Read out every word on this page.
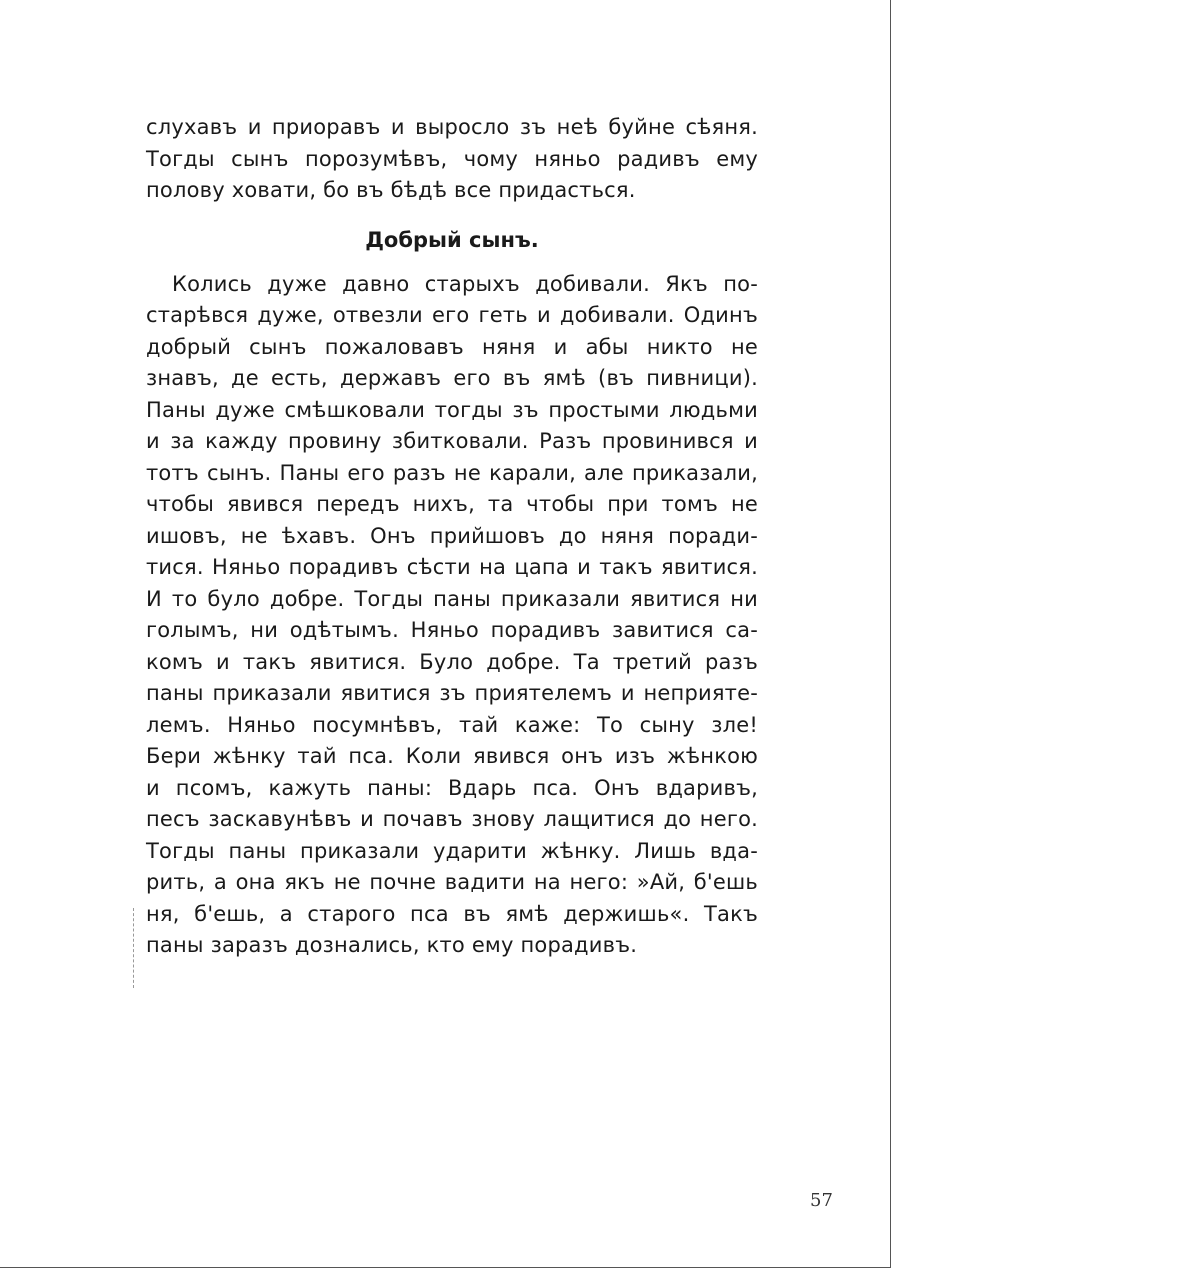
слухавъ и приоравъ и выросло зъ неѣ буйне сѣяня.
Тогды сынъ порозумѣвъ, чому няньо радивъ ему
полову ховати, бо въ бѣдѣ все придасться.
Добрый сынъ.
Колись дуже давно старыхъ добивали. Якъ по-
старѣвся дуже, отвезли его геть и добивали. Одинъ
добрый сынъ пожаловавъ няня и абы никто не
знавъ, де есть, державъ его въ ямѣ (въ пивници).
Паны дуже смѣшковали тогды зъ простыми людьми
и за кажду провину збитковали. Разъ провинився и
тотъ сынъ. Паны его разъ не карали, але приказали,
чтобы явився передъ нихъ, та чтобы при томъ не
ишовъ, не ѣхавъ. Онъ прийшовъ до няня поради-
тися. Няньо порадивъ сѣсти на цапа и такъ явитися.
И то було добре. Тогды паны приказали явитися ни
голымъ, ни одѣтымъ. Няньо порадивъ завитися са-
комъ и такъ явитися. Було добре. Та третий разъ
паны приказали явитися зъ приятелемъ и неприяте-
лемъ. Няньо посумнѣвъ, тай каже: То сыну зле!
Бери жѣнку тай пса. Коли явився онъ изъ жѣнкою
и псомъ, кажуть паны: Вдарь пса. Онъ вдаривъ,
песъ заскавунѣвъ и почавъ знову лащитися до него.
Тогды паны приказали ударити жѣнку. Лишь вда-
рить, а она якъ не почне вадити на него: »Ай, б'ешь
ня, б'ешь, а старого пса въ ямѣ держишь«. Такъ
паны заразъ дознались, кто ему порадивъ.
57
